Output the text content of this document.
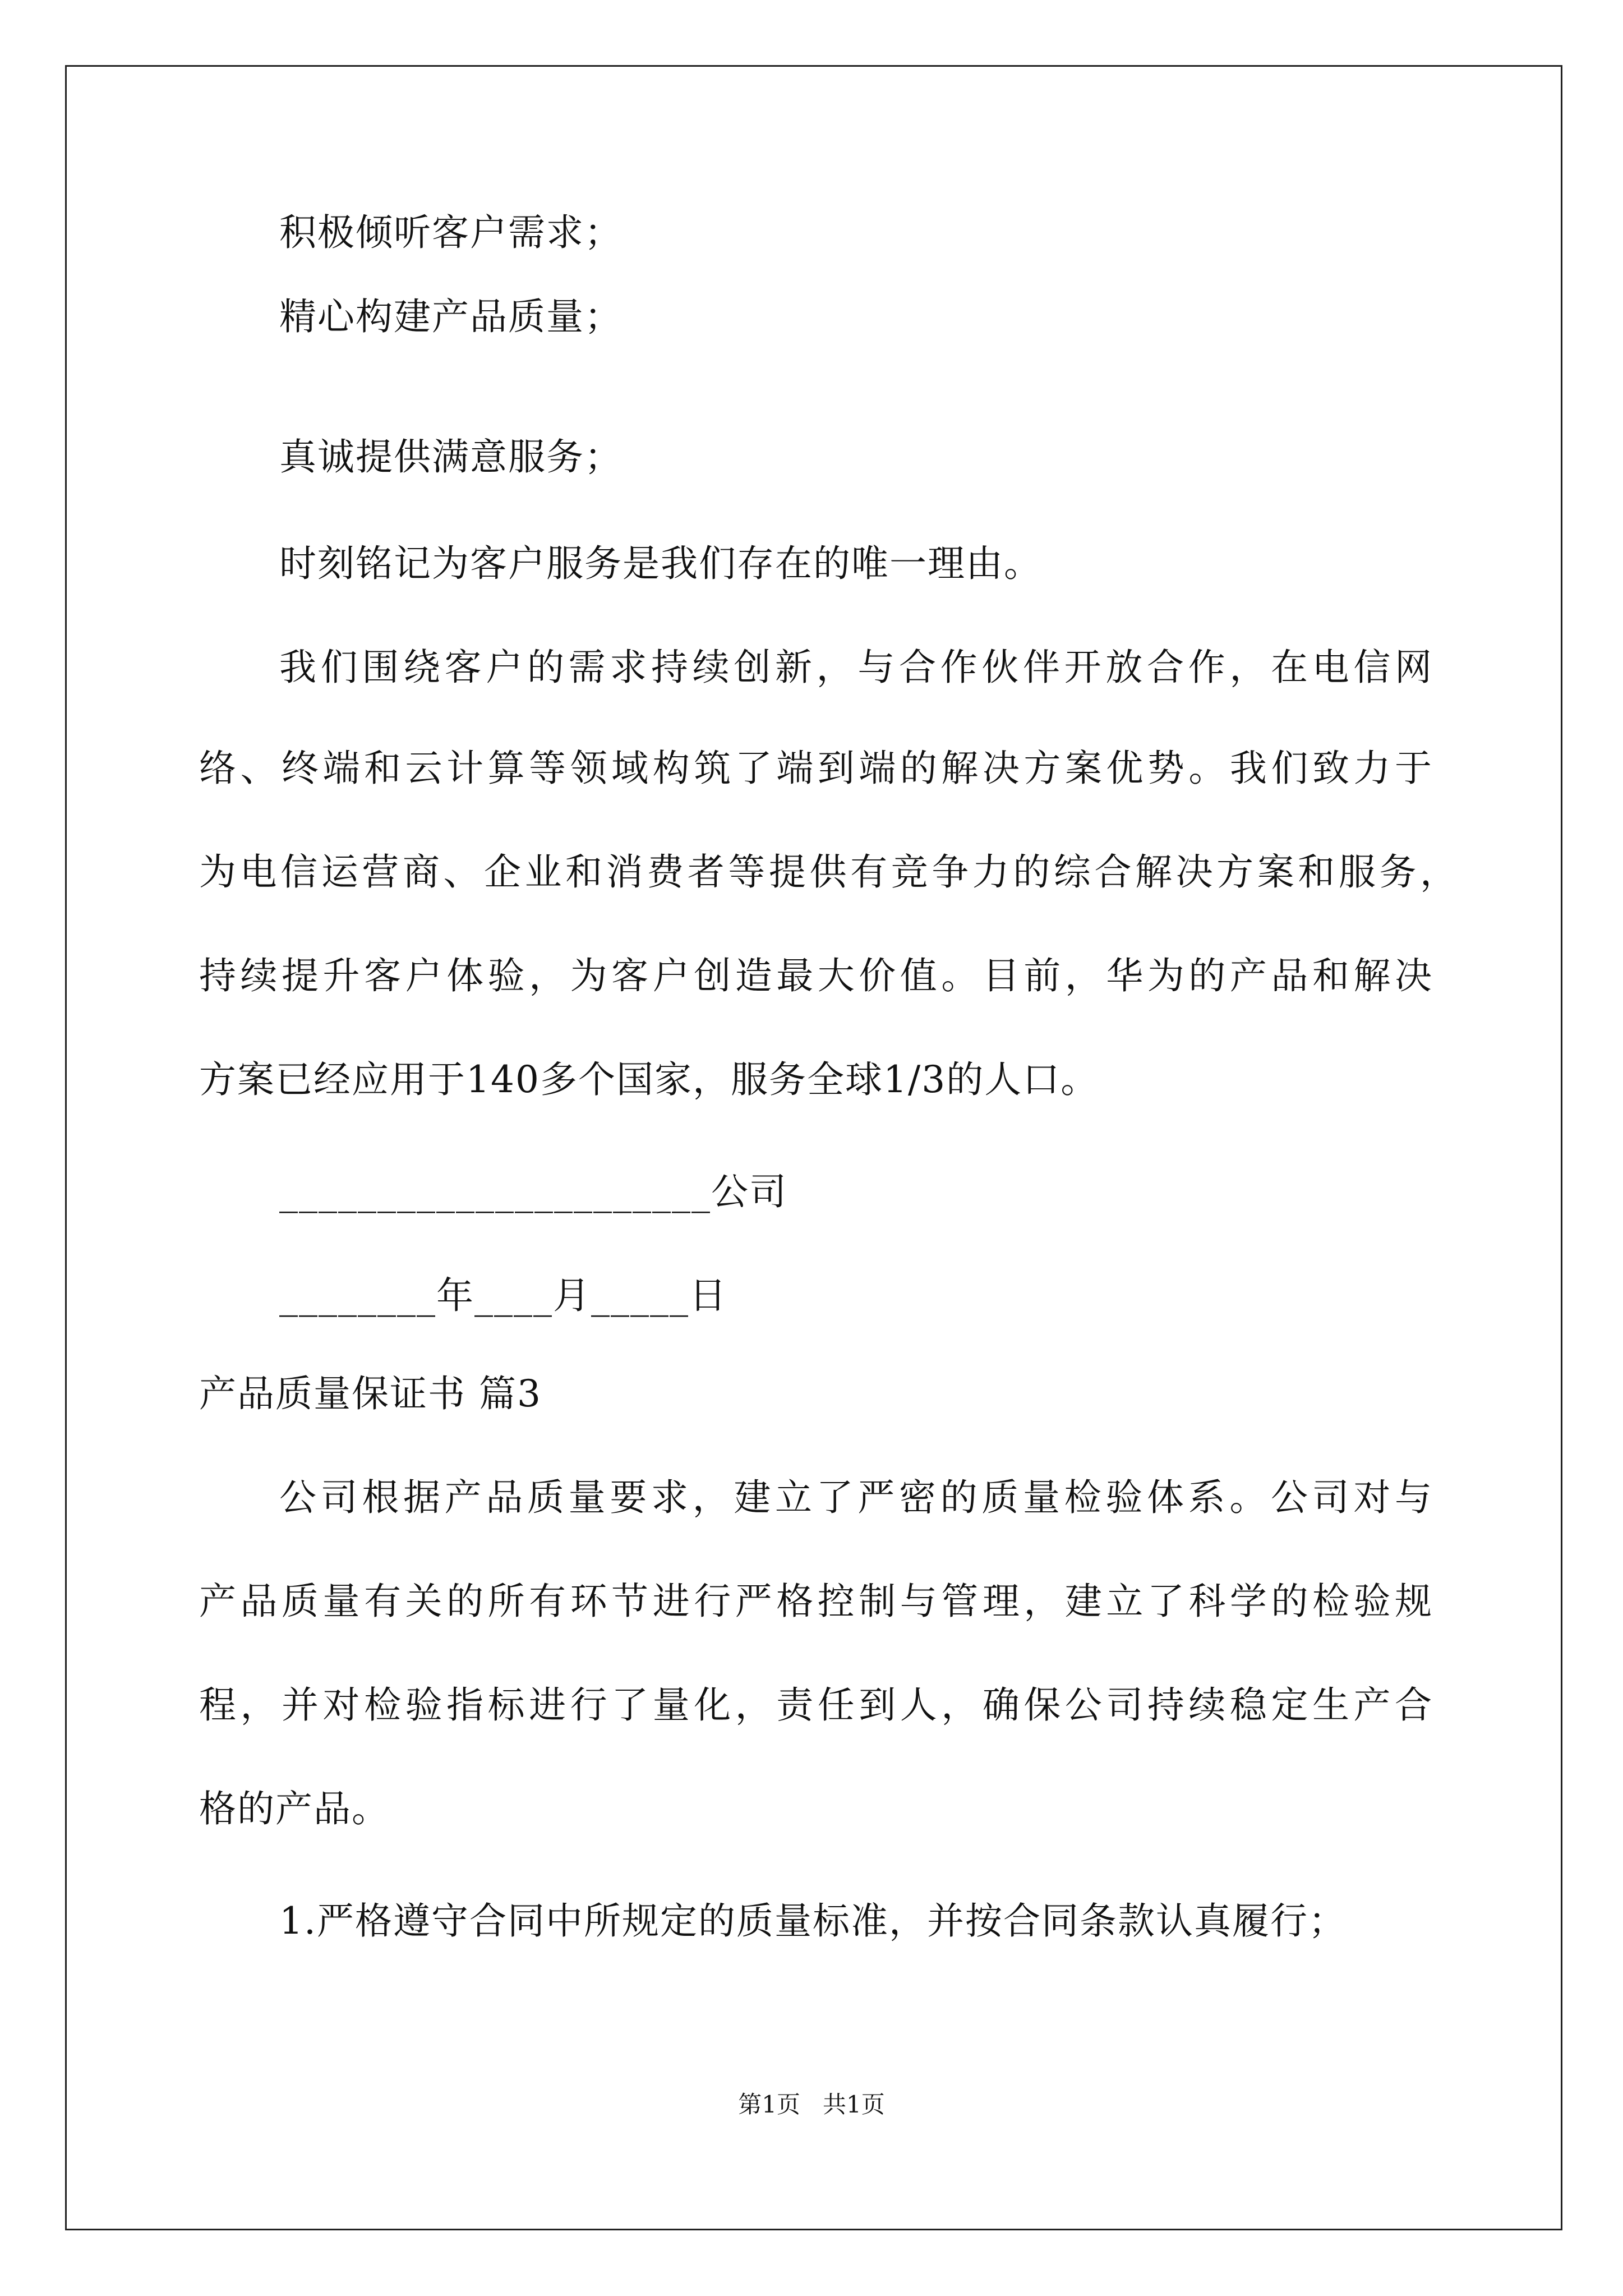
积极倾听客户需求；
精心构建产品质量；
真诚提供满意服务；
时刻铭记为客户服务是我们存在的唯一理由。
我们围绕客户的需求持续创新，与合作伙伴开放合作，在电信网
络、终端和云计算等领域构筑了端到端的解决方案优势。我们致力于
为电信运营商、企业和消费者等提供有竞争力的综合解决方案和服务，
持续提升客户体验，为客户创造最大价值。目前，华为的产品和解决
方案已经应用于140多个国家，服务全球1/3的人口。
______________________公司
________年____月_____日
产品质量保证书 篇3
公司根据产品质量要求，建立了严密的质量检验体系。公司对与
产品质量有关的所有环节进行严格控制与管理，建立了科学的检验规
程，并对检验指标进行了量化，责任到人，确保公司持续稳定生产合
格的产品。
1.严格遵守合同中所规定的质量标准，并按合同条款认真履行；
第1页   共1页
